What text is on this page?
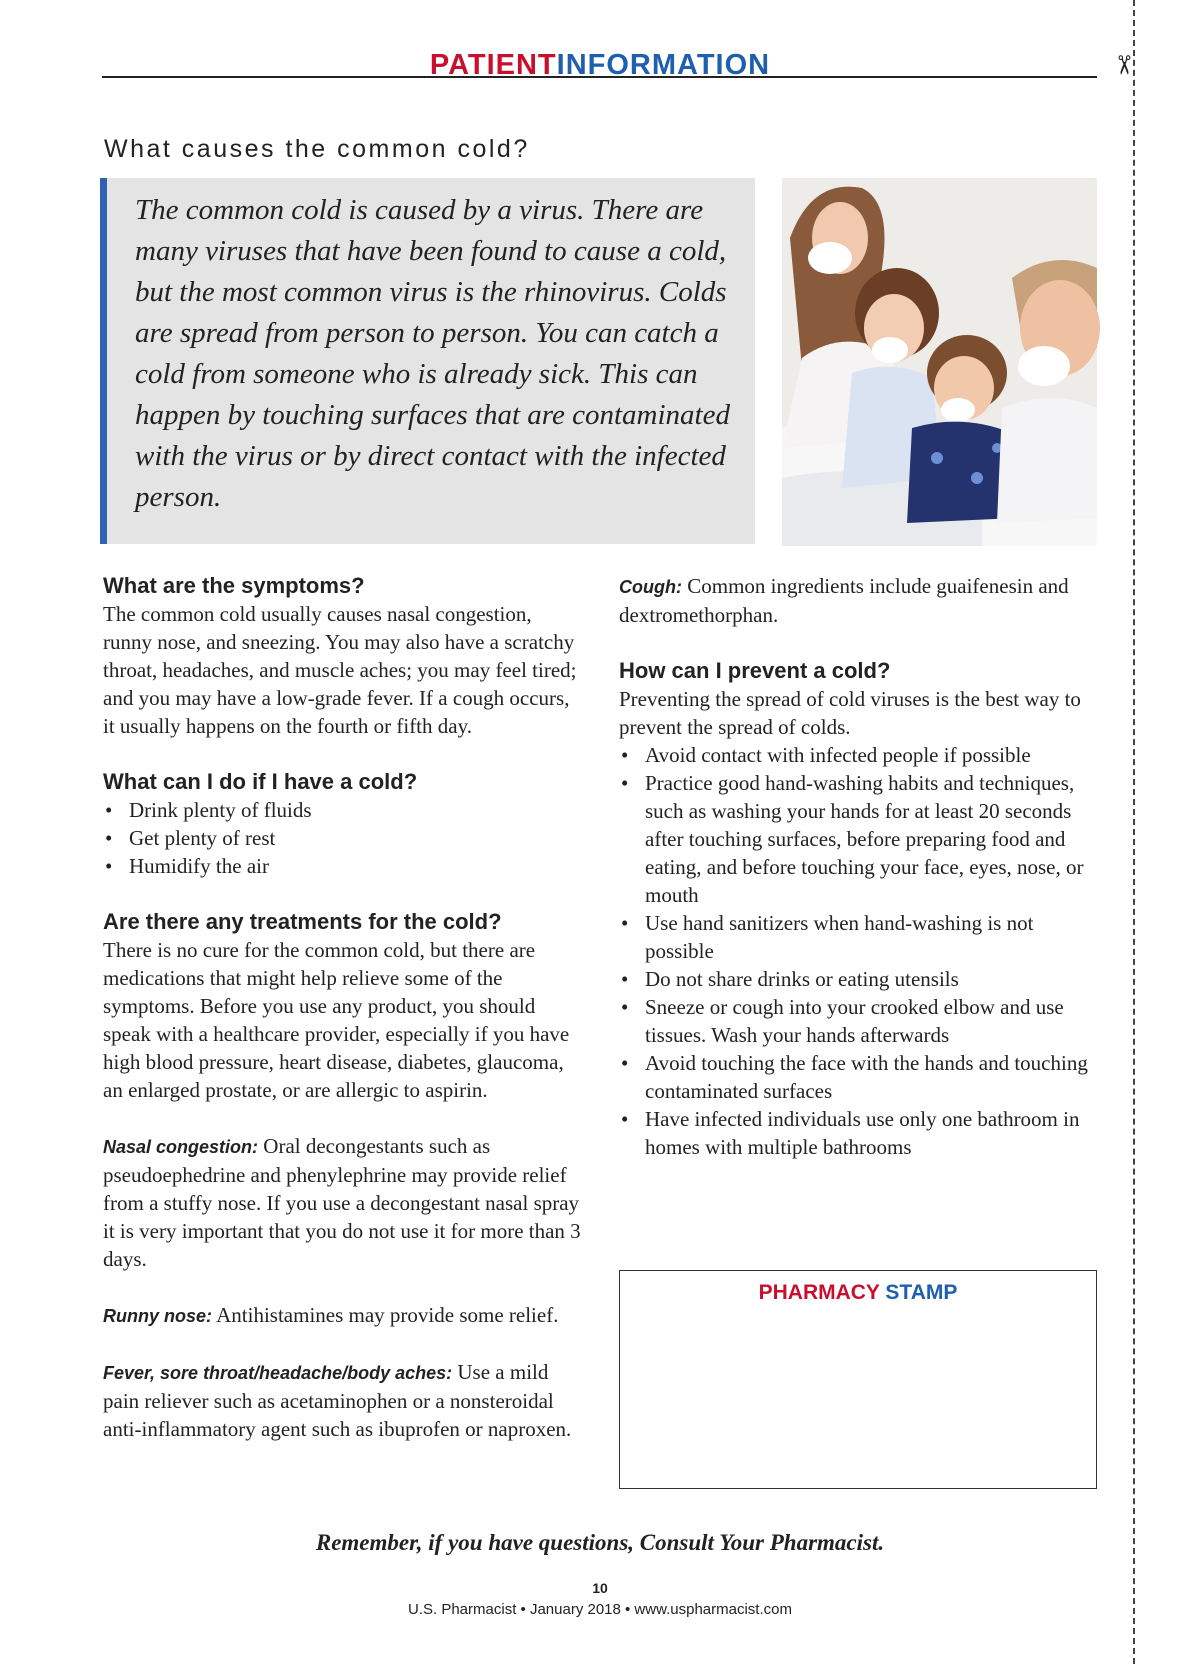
✂
PATIENTINFORMATION
What causes the common cold?
The common cold is caused by a virus. There are many viruses that have been found to cause a cold, but the most common virus is the rhinovirus. Colds are spread from person to person. You can catch a cold from someone who is already sick. This can happen by touching surfaces that are contaminated with the virus or by direct contact with the infected person.
/ Jobsonhealthcare
What are the symptoms?

The common cold usually causes nasal congestion, runny nose, and sneezing. You may also have a scratchy throat, headaches, and muscle aches; you may feel tired; and you may have a low-grade fever. If a cough occurs, it usually happens on the fourth or fifth day.

What can I do if I have a cold?
• Drink plenty of fluids
• Get plenty of rest
• Humidify the air
Are there any treatments for the cold?

There is no cure for the common cold, but there are medications that might help relieve some of the symptoms. Before you use any product, you should speak with a healthcare provider, especially if you have high blood pressure, heart disease, diabetes, glaucoma, an enlarged prostate, or are allergic to aspirin.

Nasal congestion: Oral decongestants such as pseudoephedrine and phenylephrine may provide relief from a stuffy nose. If you use a decongestant nasal spray it is very important that you do not use it for more than 3 days.

Runny nose: Antihistamines may provide some relief.

Fever, sore throat/headache/body aches: Use a mild pain reliever such as acetaminophen or a nonsteroidal anti-inflammatory agent such as ibuprofen or naproxen.

Cough: Common ingredients include guaifenesin and dextromethorphan.

How can I prevent a cold?

Preventing the spread of cold viruses is the best way to prevent the spread of colds.

• Avoid contact with infected people if possible
• Practice good hand-washing habits and techniques, such as washing your hands for at least 20 seconds after touching surfaces, before preparing food and eating, and before touching your face, eyes, nose, or mouth
• Use hand sanitizers when hand-washing is not possible
• Do not share drinks or eating utensils
• Sneeze or cough into your crooked elbow and use tissues. Wash your hands afterwards
• Avoid touching the face with the hands and touching contaminated surfaces
• Have infected individuals use only one bathroom in homes with multiple bathrooms
PHARMACY STAMP
Remember, if you have questions, Consult Your Pharmacist.
10
U.S. Pharmacist • January 2018 • www.uspharmacist.com
